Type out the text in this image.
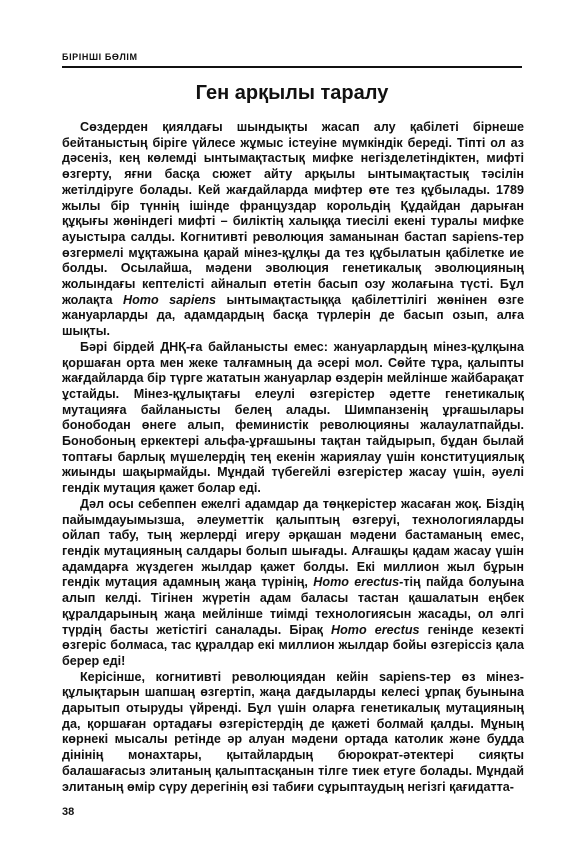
БІРІНШІ БӨЛІМ
Ген арқылы таралу

Сөздерден қиялдағы шындықты жасап алу қабілеті бірнеше бейтаныстың біріге үйлесе жұмыс істеуіне мүмкіндік береді. Тіпті ол аз дәсеніз, кең көлемді ынтымақтастық мифке негізделетіндіктен, мифті өзгерту, яғни басқа сюжет айту арқылы ынтымақтастық тәсілін жетілдіруге болады. Кей жағдайларда мифтер өте тез құбылады. 1789 жылы бір түннің ішінде француздар корольдің Құдайдан дарыған құқығы жөніндегі мифті – биліктің халыққа тиесілі екені туралы мифке ауыстыра салды. Когнитивті революция заманынан бастап sapiens-тер өзгермелі мұқтажына қарай мінез-құлқы да тез құбылатын қабілетке ие болды. Осылайша, мәдени эволюция генетикалық эволюцияның жолындағы кептелісті айналып өтетін басып озу жолағына түсті. Бұл жолақта Homo sapiens ынтымақтастыққа қабілеттілігі жөнінен өзге жануарларды да, адамдардың басқа түрлерін де басып озып, алға шықты.

Бәрі бірдей ДНҚ-ға байланысты емес: жануарлардың мінез-құлқына қоршаған орта мен жеке талғамның да әсері мол. Сөйте тұра, қалыпты жағдайларда бір түрге жататын жануарлар өздерін мейлінше жайбарақат ұстайды. Мінез-құлықтағы елеулі өзгерістер әдетте генетикалық мутацияға байланысты белең алады. Шимпанзенің ұрғашылары бонободан өнеге алып, феминистік революцияны жалаулатпайды. Бонобоның еркектері альфа-ұрғашыны тақтан тайдырып, бұдан былай топтағы барлық мүшелердің тең екенін жариялау үшін конституциялық жиынды шақырмайды. Мұндай түбегейлі өзгерістер жасау үшін, әуелі гендік мутация қажет болар еді.

Дәл осы себеппен ежелгі адамдар да төңкерістер жасаған жоқ. Біздің пайымдауымызша, әлеуметтік қалыптың өзгеруі, технологияларды ойлап табу, тың жерлерді игеру әрқашан мәдени бастаманың емес, гендік мутацияның салдары болып шығады. Алғашқы қадам жасау үшін адамдарға жүздеген жылдар қажет болды. Екі миллион жыл бұрын гендік мутация адамның жаңа түрінің, Homo erectus-тің пайда болуына алып келді. Тігінен жүретін адам баласы тастан қашалатын еңбек құралдарының жаңа мейлінше тиімді технологиясын жасады, ол әлгі түрдің басты жетістігі саналады. Бірақ Homo erectus генінде кезекті өзгеріс болмаса, тас құралдар екі миллион жылдар бойы өзгеріссіз қала берер еді!

Керісінше, когнитивті революциядан кейін sapiens-тер өз мінез-құлықтарын шапшаң өзгертіп, жаңа дағдыларды келесі ұрпақ буынына дарытып отыруды үйренді. Бұл үшін оларға генетикалық мутацияның да, қоршаған ортадағы өзгерістердің де қажеті болмай қалды. Мұның көрнекі мысалы ретінде әр алуан мәдени ортада католик және будда дінінің монахтары, қытайлардың бюрократ-әтектері сияқты балашағасыз элитаның қалыптасқанын тілге тиек етуге болады. Мұндай элитаның өмір сүру дерегінің өзі табиғи сұрыптаудың негізгі қағидатта-

38
